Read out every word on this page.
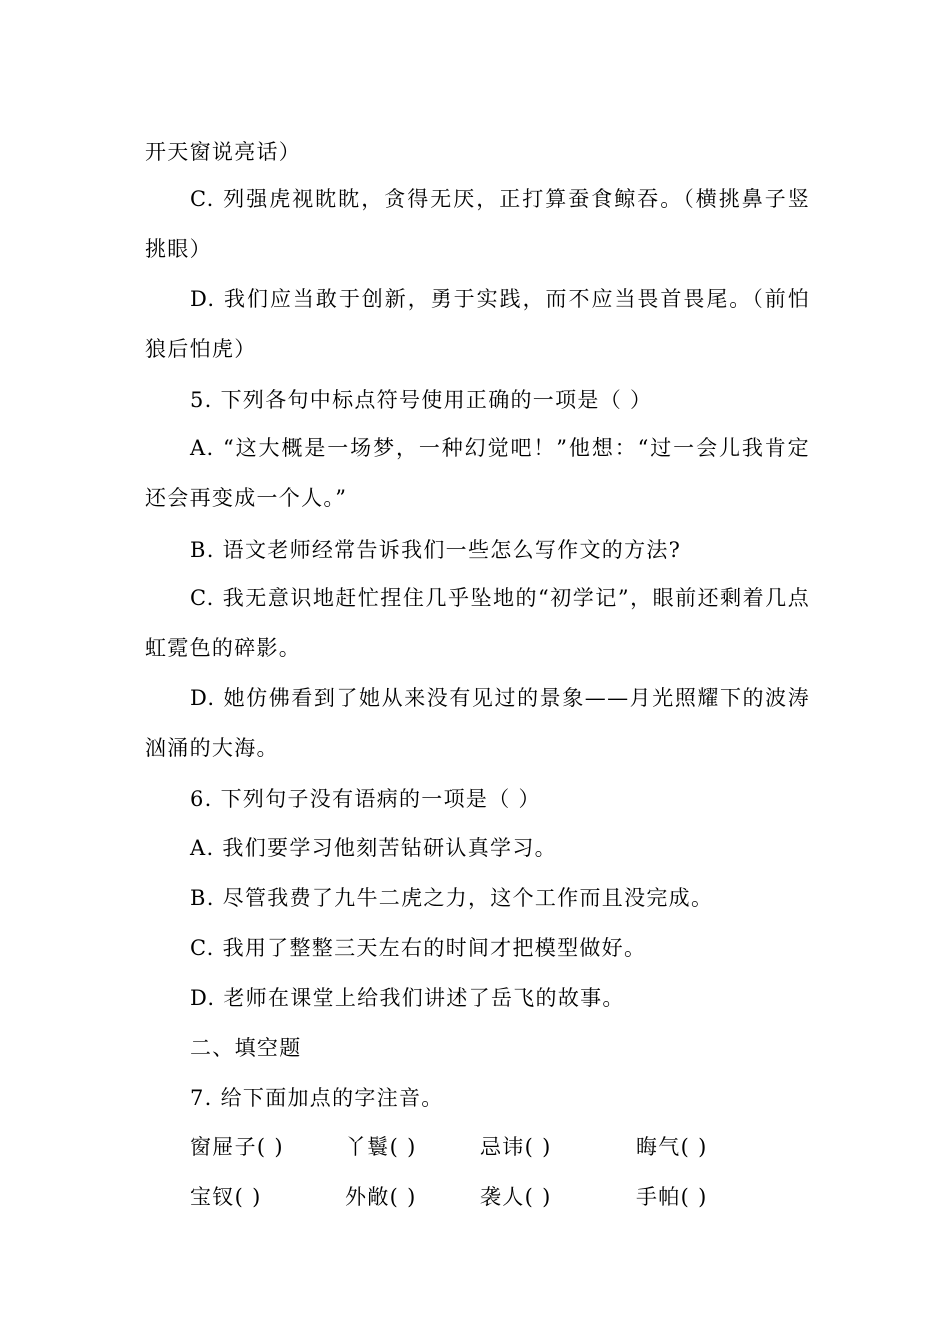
开天窗说亮话）
C. 列强虎视眈眈，贪得无厌，正打算蚕食鲸吞。（横挑鼻子竖挑眼）
D. 我们应当敢于创新，勇于实践，而不应当畏首畏尾。（前怕狼后怕虎）
5. 下列各句中标点符号使用正确的一项是（ ）
A. “这大概是一场梦，一种幻觉吧！”他想：“过一会儿我肯定还会再变成一个人。”
B. 语文老师经常告诉我们一些怎么写作文的方法?
C. 我无意识地赶忙捏住几乎坠地的“初学记”，眼前还剩着几点虹霓色的碎影。
D. 她仿佛看到了她从来没有见过的景象——月光照耀下的波涛汹涌的大海。
6. 下列句子没有语病的一项是（ ）
A. 我们要学习他刻苦钻研认真学习。
B. 尽管我费了九牛二虎之力，这个工作而且没完成。
C. 我用了整整三天左右的时间才把模型做好。
D. 老师在课堂上给我们讲述了岳飞的故事。
二、填空题
7. 给下面加点的字注音。
窗屉子( )	丫鬟( )	忌讳( )	晦气( )
宝钗( )	外敞( )	袭人( )	手帕( )
